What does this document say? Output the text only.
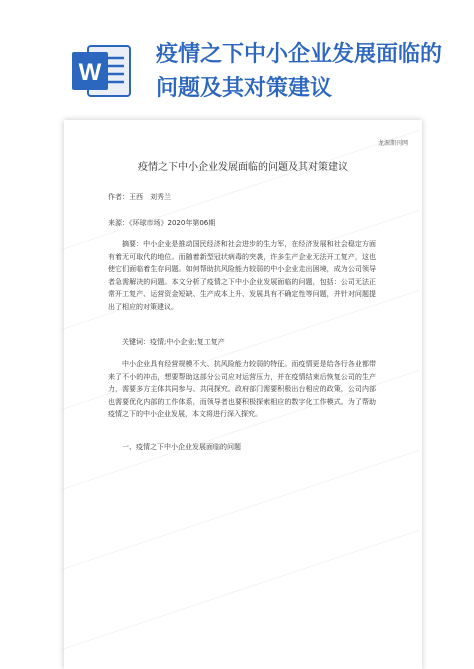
W
疫情之下中小企业发展面临的
问题及其对策建议
龙源期刊网
疫情之下中小企业发展面临的问题及其对策建议
作者：王西　刘秀兰
来源：《环球市场》2020年第06期

摘要：中小企业是推动国民经济和社会进步的生力军，在经济发展和社会稳定方面有着无可取代的地位。而随着新型冠状病毒的突袭，许多生产企业无法开工复产，这也使它们面临着生存问题。如何帮助抗风险能力较弱的中小企业走出困境，成为公司领导者急需解决的问题。本文分析了疫情之下中小企业发展面临的问题，包括：公司无法正常开工复产、运营资金短缺、生产成本上升、发展具有不确定性等问题，并针对问题提出了相应的对策建议。

关键词：疫情;中小企业;复工复产

中小企业具有经营规模不大、抗风险能力较弱的特征。而疫情更是给各行各业都带来了不小的冲击，想要帮助这部分公司应对运营压力，并在疫情结束后恢复公司的生产力，需要多方主体共同参与、共同探究。政府部门需要积极出台相应的政策，公司内部也需要优化内部的工作体系，而领导者也要积极探索相应的数字化工作模式。为了帮助疫情之下的中小企业发展，本文将进行深入探究。

一、疫情之下中小企业发展面临的问题
